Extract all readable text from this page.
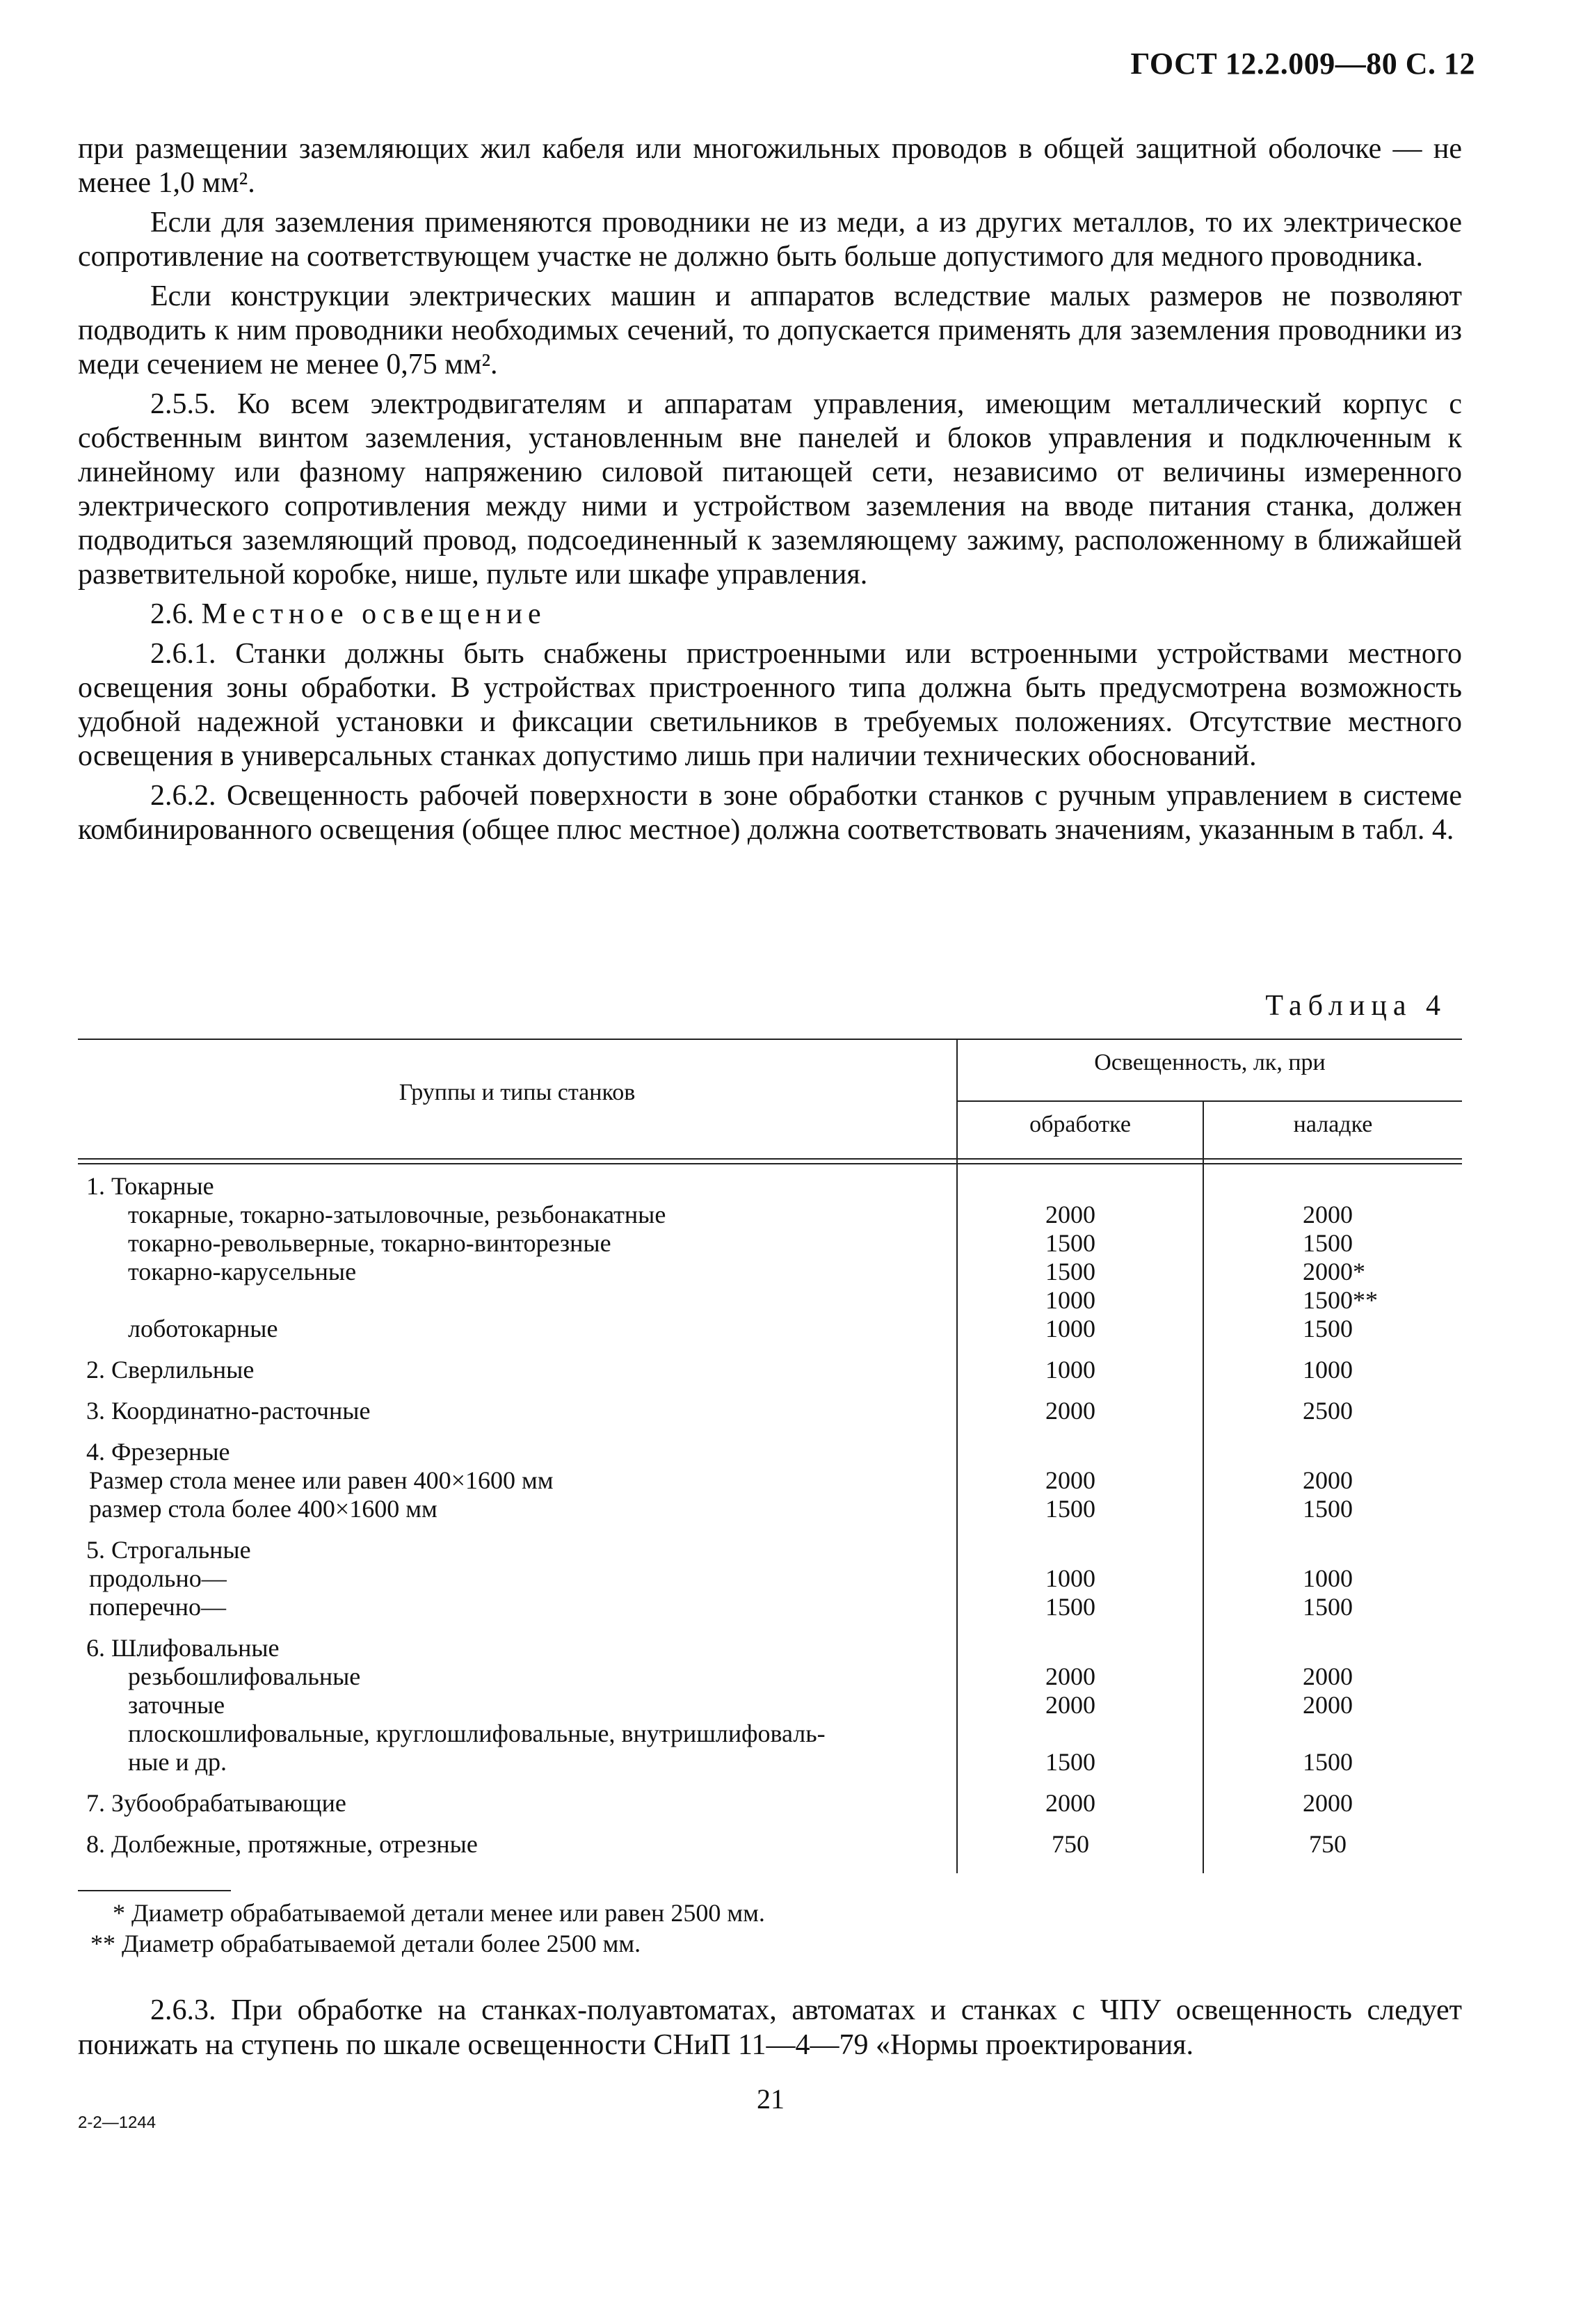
ГОСТ 12.2.009—80 С. 12

при размещении заземляющих жил кабеля или многожильных проводов в общей защитной оболочке — не менее 1,0 мм².

Если для заземления применяются проводники не из меди, а из других металлов, то их электрическое сопротивление на соответствующем участке не должно быть больше допустимого для медного проводника.

Если конструкции электрических машин и аппаратов вследствие малых размеров не позволяют подводить к ним проводники необходимых сечений, то допускается применять для заземления проводники из меди сечением не менее 0,75 мм².

2.5.5. Ко всем электродвигателям и аппаратам управления, имеющим металлический корпус с собственным винтом заземления, установленным вне панелей и блоков управления и подключенным к линейному или фазному напряжению силовой питающей сети, независимо от величины измеренного электрического сопротивления между ними и устройством заземления на вводе питания станка, должен подводиться заземляющий провод, подсоединенный к заземляющему зажиму, расположенному в ближайшей разветвительной коробке, нише, пульте или шкафе управления.

2.6. Местное освещение

2.6.1. Станки должны быть снабжены пристроенными или встроенными устройствами местного освещения зоны обработки. В устройствах пристроенного типа должна быть предусмотрена возможность удобной надежной установки и фиксации светильников в требуемых положениях. Отсутствие местного освещения в универсальных станках допустимо лишь при наличии технических обоснований.

2.6.2. Освещенность рабочей поверхности в зоне обработки станков с ручным управлением в системе комбинированного освещения (общее плюс местное) должна соответствовать значениям, указанным в табл. 4.

Таблица 4
Группы и типы станков
Освещенность, лк, при
обработке	наладке
1. Токарные
токарные, токарно-затыловочные, резьбонакатные	2000	2000
токарно-револьверные, токарно-винторезные	1500	1500
токарно-карусельные	1500	2000*
1000	1500**
лоботокарные	1000	1500
2. Сверлильные	1000	1000
3. Координатно-расточные	2000	2500
4. Фрезерные
Размер стола менее или равен 400×1600 мм	2000	2000
размер стола более 400×1600 мм	1500	1500
5. Строгальные
продольно—	1000	1000
поперечно—	1500	1500
6. Шлифовальные
резьбошлифовальные	2000	2000
заточные	2000	2000
плоскошлифовальные, круглошлифовальные, внутришлифоваль-
ные и др.	1500	1500
7. Зубообрабатывающие	2000	2000
8. Долбежные, протяжные, отрезные	750	750
* Диаметр обрабатываемой детали менее или равен 2500 мм.
** Диаметр обрабатываемой детали более 2500 мм.

2.6.3. При обработке на станках-полуавтоматах, автоматах и станках с ЧПУ освещенность следует понижать на ступень по шкале освещенности СНиП 11—4—79 «Нормы проектирования.

21
2-2—1244
